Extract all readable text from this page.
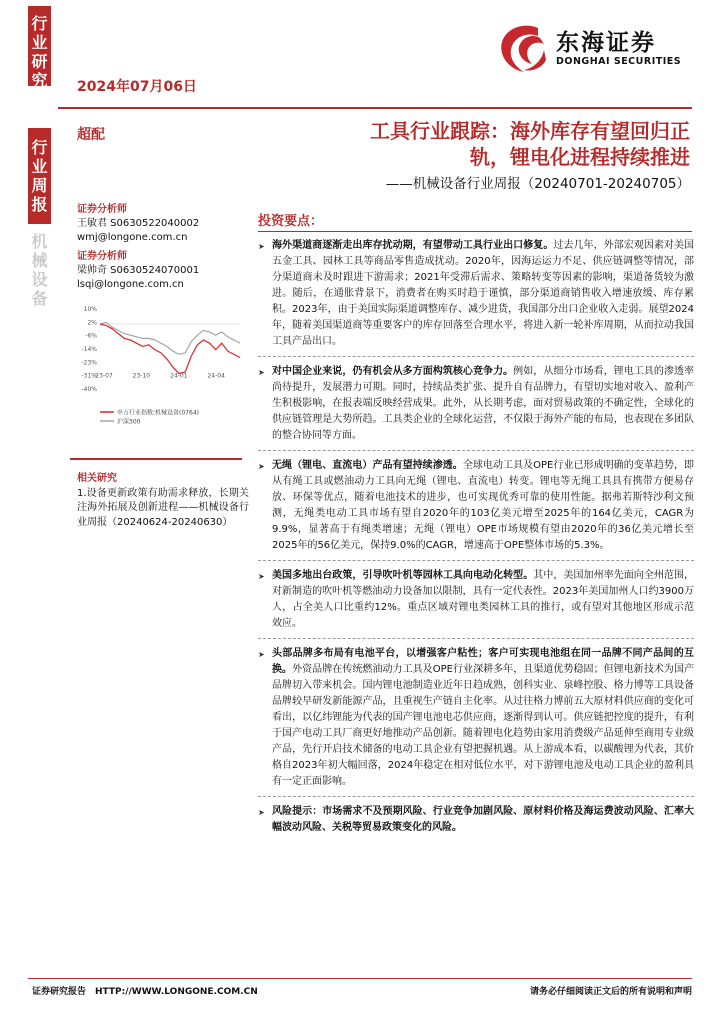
行
业
研
究
行
业
周
报
机
械
设
备
2024年07月06日
东海证券
DONGHAI SECURITIES
超配	工具行业跟踪：海外库存有望回归正
轨，锂电化进程持续推进
——机械设备行业周报（20240701-20240705）
证券分析师
王敏君 S0630522040002
wmj@longone.com.cn
证券分析师
梁帅奇 S0630524070001
lsqi@longone.com.cn
10%
2%
-6%
-14%
-23%
-31%
-40%
23-07	23-10	24-01	24-04
申万行业指数:机械设备(0764)
沪深300
相关研究
1.设备更新政策有助需求释放，长期关注海外拓展及创新进程——机械设备行业周报（20240624-20240630）
投资要点：
➤ 海外渠道商逐渐走出库存扰动期，有望带动工具行业出口修复。过去几年，外部宏观因素对美国五金工具、园林工具等商品零售造成扰动。2020年，因海运运力不足、供应链调整等情况，部分渠道商未及时跟进下游需求；2021年受滞后需求、策略转变等因素的影响，渠道备货较为激进。随后，在通胀背景下，消费者在购买时趋于谨慎，部分渠道商销售收入增速放缓、库存累积。2023年，由于美国实际渠道调整库存、减少进货，我国部分出口企业收入走弱。展望2024年，随着美国渠道商等重要客户的库存回落至合理水平，将进入新一轮补库周期，从而拉动我国工具产品出口。
➤ 对中国企业来说，仍有机会从多方面构筑核心竞争力。例如，从细分市场看，锂电工具的渗透率尚待提升，发展潜力可期。同时，持续品类扩张、提升自有品牌力，有望切实地对收入、盈利产生积极影响，在报表端反映经营成果。此外，从长期考虑，面对贸易政策的不确定性，全球化的供应链管理是大势所趋。工具类企业的全球化运营，不仅限于海外产能的布局，也表现在多团队的整合协同等方面。
➤ 无绳（锂电、直流电）产品有望持续渗透。全球电动工具及OPE行业已形成明确的变革趋势，即从有绳工具或燃油动力工具向无绳（锂电、直流电）转变。锂电等无绳工具具有携带方便易存放、环保等优点，随着电池技术的进步，也可实现优秀可靠的使用性能。据弗若斯特沙利文预测，无绳类电动工具市场有望自2020年的103亿美元增至2025年的164亿美元，CAGR为9.9%，显著高于有绳类增速；无绳（锂电）OPE市场规模有望由2020年的36亿美元增长至2025年的56亿美元，保持9.0%的CAGR，增速高于OPE整体市场的5.3%。
➤ 美国多地出台政策，引导吹叶机等园林工具向电动化转型。其中，美国加州率先面向全州范围，对新制造的吹叶机等燃油动力设备加以限制，具有一定代表性。2023年美国加州人口约3900万人，占全美人口比重约12%。重点区域对锂电类园林工具的推行，或有望对其他地区形成示范效应。
➤ 头部品牌多布局有电池平台，以增强客户粘性；客户可实现电池组在同一品牌不同产品间的互换。外资品牌在传统燃油动力工具及OPE行业深耕多年，且渠道优势稳固；但锂电新技术为国产品牌切入带来机会。国内锂电池制造业近年日趋成熟，创科实业、泉峰控股、格力博等工具设备品牌较早研发新能源产品，且重视生产链自主化率。从过往格力博前五大原材料供应商的变化可看出，以亿纬锂能为代表的国产锂电池电芯供应商，逐渐得到认可。供应链把控度的提升，有利于国产电动工具厂商更好地推动产品创新。随着锂电化趋势由家用消费级产品延伸至商用专业级产品，先行开启技术储备的电动工具企业有望把握机遇。从上游成本看，以碳酸锂为代表，其价格自2023年初大幅回落，2024年稳定在相对低位水平，对下游锂电池及电动工具企业的盈利具有一定正面影响。
➤ 风险提示：市场需求不及预期风险、行业竞争加剧风险、原材料价格及海运费波动风险、汇率大幅波动风险、关税等贸易政策变化的风险。
证券研究报告　HTTP://WWW.LONGONE.COM.CN	请务必仔细阅读正文后的所有说明和声明
